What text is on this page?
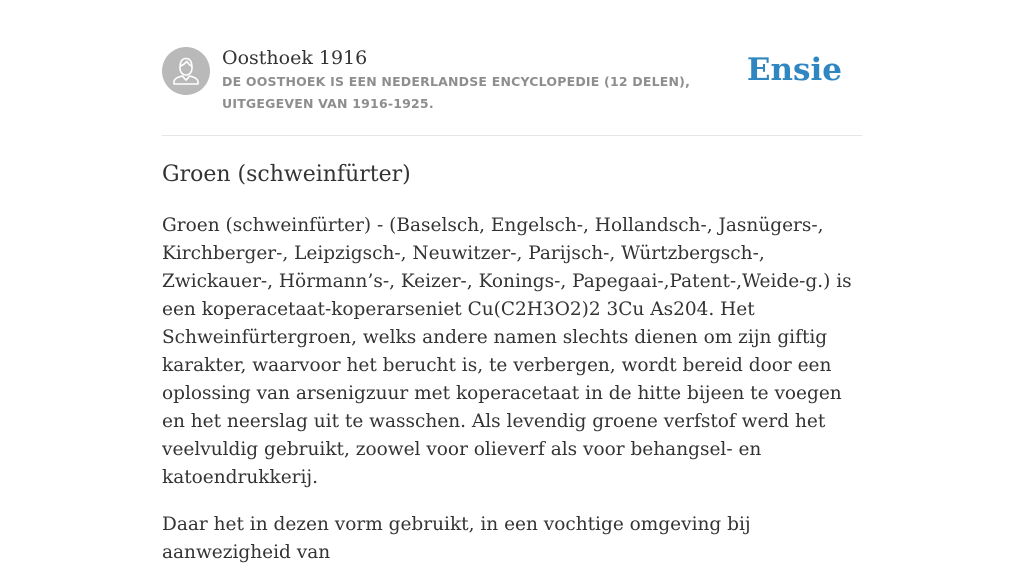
Oosthoek 1916
DE OOSTHOEK IS EEN NEDERLANDSE ENCYCLOPEDIE (12 DELEN), UITGEGEVEN VAN 1916-1925.
Ensie
Groen (schweinfürter)

Groen (schweinfürter) - (Baselsch, Engelsch-, Hollandsch-, Jasnügers-, Kirchberger-, Leipzigsch-, Neuwitzer-, Parijsch-, Würtzbergsch-, Zwickauer-, Hörmann’s-, Keizer-, Konings-, Papegaai-,Patent-,Weide-g.) is een koperacetaat-koperarseniet Cu(C2H3O2)2 3Cu As204. Het Schweinfürtergroen, welks andere namen slechts dienen om zijn giftig karakter, waarvoor het berucht is, te verbergen, wordt bereid door een oplossing van arsenigzuur met koperacetaat in de hitte bijeen te voegen en het neerslag uit te wasschen. Als levendig groene verfstof werd het veelvuldig gebruikt, zoowel voor olieverf als voor behangsel- en katoendrukkerij.

Daar het in dezen vorm gebruikt, in een vochtige omgeving bij aanwezigheid van
